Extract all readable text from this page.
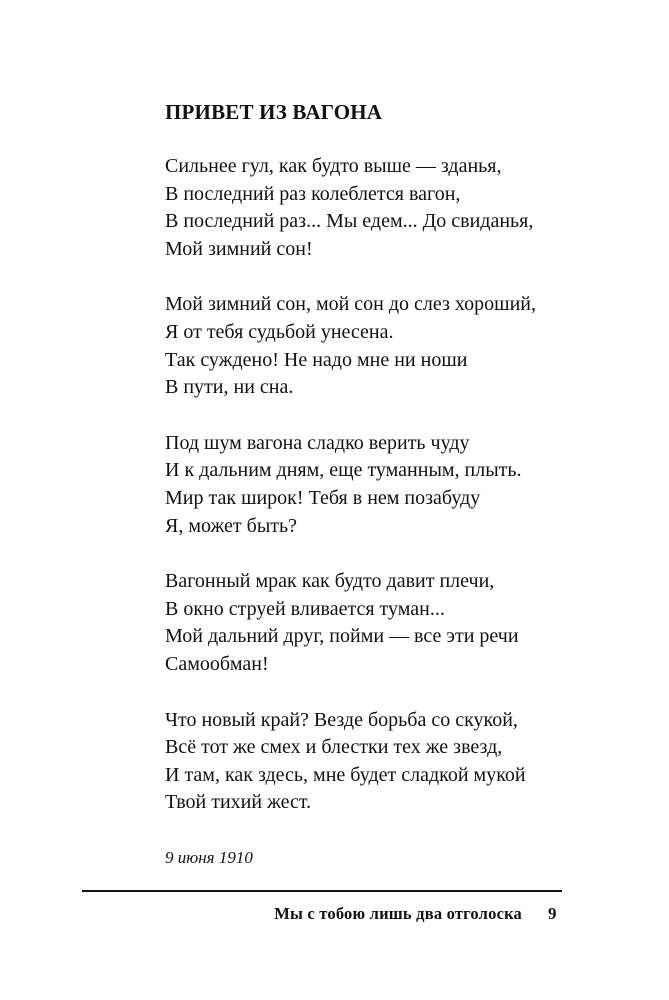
ПРИВЕТ ИЗ ВАГОНА

Сильнее гул, как будто выше — зданья,
В последний раз колеблется вагон,
В последний раз... Мы едем... До свиданья,
Мой зимний сон!

Мой зимний сон, мой сон до слез хороший,
Я от тебя судьбой унесена.
Так суждено! Не надо мне ни ноши
В пути, ни сна.

Под шум вагона сладко верить чуду
И к дальним дням, еще туманным, плыть.
Мир так широк! Тебя в нем позабуду
Я, может быть?

Вагонный мрак как будто давит плечи,
В окно струей вливается туман...
Мой дальний друг, пойми — все эти речи
Самообман!

Что новый край? Везде борьба со скукой,
Всё тот же смех и блестки тех же звезд,
И там, как здесь, мне будет сладкой мукой
Твой тихий жест.

9 июня 1910
Мы с тобою лишь два отголоска 9
